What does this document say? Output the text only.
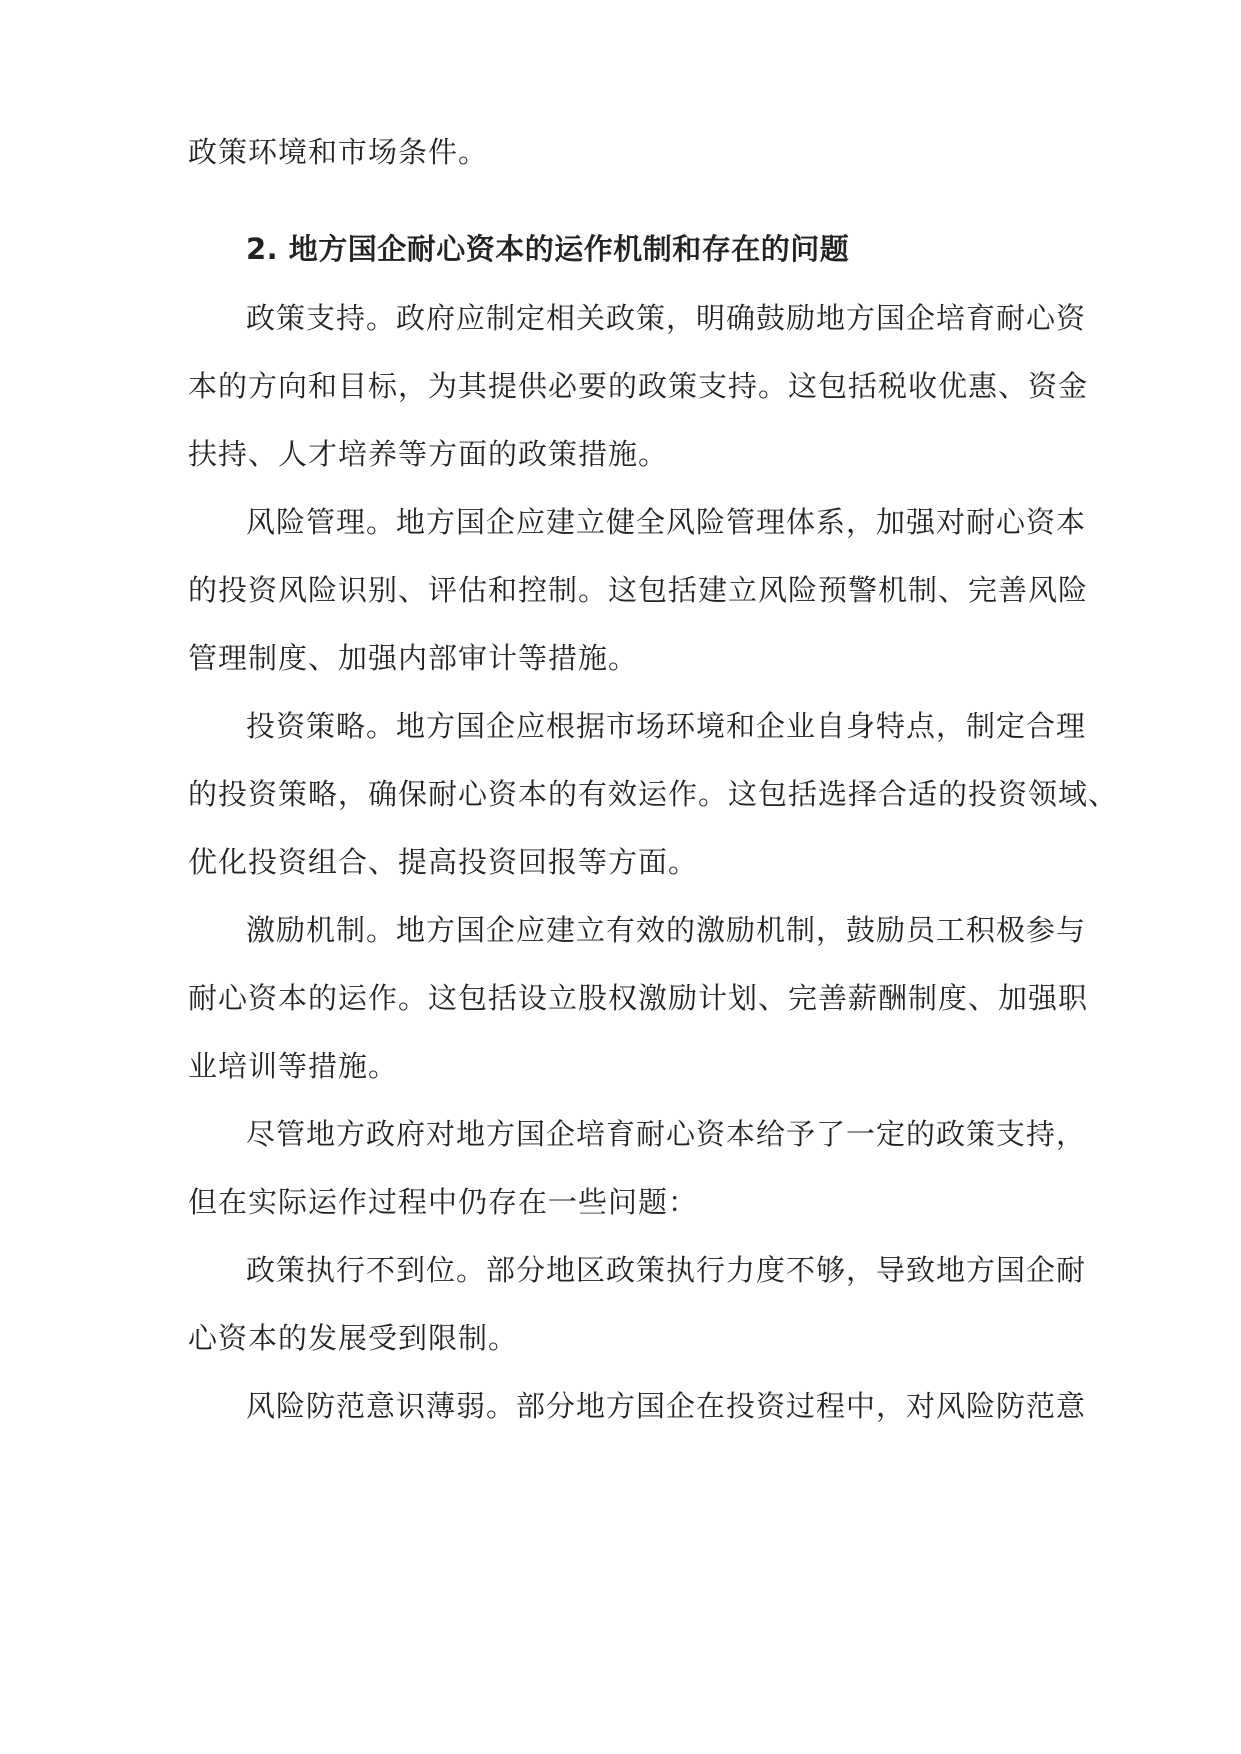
政策环境和市场条件。
2. 地方国企耐心资本的运作机制和存在的问题
政策支持。政府应制定相关政策，明确鼓励地方国企培育耐心资
本的方向和目标，为其提供必要的政策支持。这包括税收优惠、资金
扶持、人才培养等方面的政策措施。
风险管理。地方国企应建立健全风险管理体系，加强对耐心资本
的投资风险识别、评估和控制。这包括建立风险预警机制、完善风险
管理制度、加强内部审计等措施。
投资策略。地方国企应根据市场环境和企业自身特点，制定合理
的投资策略，确保耐心资本的有效运作。这包括选择合适的投资领域、
优化投资组合、提高投资回报等方面。
激励机制。地方国企应建立有效的激励机制，鼓励员工积极参与
耐心资本的运作。这包括设立股权激励计划、完善薪酬制度、加强职
业培训等措施。
尽管地方政府对地方国企培育耐心资本给予了一定的政策支持，
但在实际运作过程中仍存在一些问题：
政策执行不到位。部分地区政策执行力度不够，导致地方国企耐
心资本的发展受到限制。
风险防范意识薄弱。部分地方国企在投资过程中，对风险防范意
